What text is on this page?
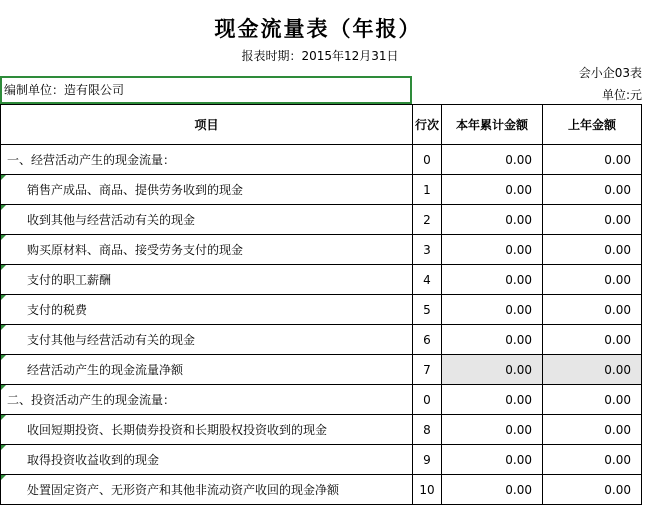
现金流量表（年报）
报表时期：2015年12月31日
会小企03表
单位:元
编制单位：造有限公司
项目	行次	本年累计金额	上年金额
一、经营活动产生的现金流量：	0	0.00	0.00
销售产成品、商品、提供劳务收到的现金	1	0.00	0.00
收到其他与经营活动有关的现金	2	0.00	0.00
购买原材料、商品、接受劳务支付的现金	3	0.00	0.00
支付的职工薪酬	4	0.00	0.00
支付的税费	5	0.00	0.00
支付其他与经营活动有关的现金	6	0.00	0.00
经营活动产生的现金流量净额	7	0.00	0.00
二、投资活动产生的现金流量：	0	0.00	0.00
收回短期投资、长期债券投资和长期股权投资收到的现金	8	0.00	0.00
取得投资收益收到的现金	9	0.00	0.00
处置固定资产、无形资产和其他非流动资产收回的现金净额	10	0.00	0.00
